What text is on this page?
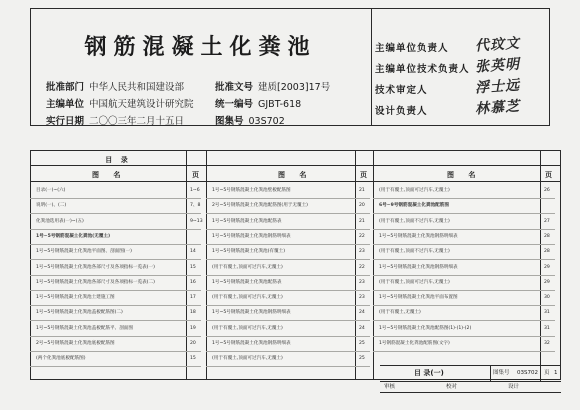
钢筋混凝土化粪池
批准部门 中华人民共和国建设部	批准文号 建质[2003]17号
主编单位 中国航天建筑设计研究院 统一编号 GJBT-618
实行日期 二〇〇三年二月十五日	图集号 03S702
主编单位负责人 代玟文
主编单位技术负责人 张英明
技术审定人	浮士远
设计负责人	林慕芝
目 录
图 名	页	图 名	页	图 名	页
目录(一)~(六)	1~6
说明(一)、(二)	7、8
化粪池选用表(一)~(五)	9~13
1号~5号钢筋混凝土化粪池(无覆土)
1号~5号钢筋混凝土化粪池平面图、剖面图(一)	14
1号~5号钢筋混凝土化粪池各部尺寸及各项指标一览表(一)	15
1号~5号钢筋混凝土化粪池各部尺寸及各项指标一览表(二)	16
1号~5号钢筋混凝土化粪池土建施工图	17
1号~5号钢筋混凝土化粪池盖板配筋图(二)	18
1号~5号钢筋混凝土化粪池盖板配筋平、剖面图	19
2号~5号钢筋混凝土化粪池底板配筋图	20
(两个化粪池底板配筋图)	15
1号~5号钢筋混凝土化粪池壁板配筋图	21
2号~5号钢筋混凝土化粪池配筋图(用于无覆土)	20
1号~5号钢筋混凝土化粪池配筋表	21
1号~5号钢筋混凝土化粪池钢筋明细表	22
1号~5号钢筋混凝土化粪池(有覆土)	23
(用于有覆土,顶面可过汽车,无覆土)	22
1号~5号钢筋混凝土化粪池配筋表	23
(用于有覆土,顶面可过汽车,无覆土)	23
1号~5号钢筋混凝土化粪池钢筋明细表	24
(用于有覆土,顶面可过汽车,无覆土)	24
1号~5号钢筋混凝土化粪池钢筋明细表	25
(用于有覆土,顶面可过汽车,无覆土)	25
(用于有覆土,顶面可过汽车,无覆土)	26
6号~9号钢筋混凝土化粪池配筋图
(用于有覆土,顶面不过汽车,无覆土)	27
1号~5号钢筋混凝土化粪池钢筋明细表	28
(用于有覆土,顶面不过汽车,无覆土)	28
1号~5号钢筋混凝土化粪池钢筋明细表	29
(用于有覆土,顶面可过汽车,无覆土)	29
1号~5号钢筋混凝土化粪池平面布置图	30
(用于有覆土,无覆土)	31
1号~5号钢筋混凝土化粪池配筋图(1)-(1)-(2)	31
1号钢筋混凝土化粪池配筋图(文字)	32
目 录(一)	图集号 03S702 页 1
审核	校对	设计
